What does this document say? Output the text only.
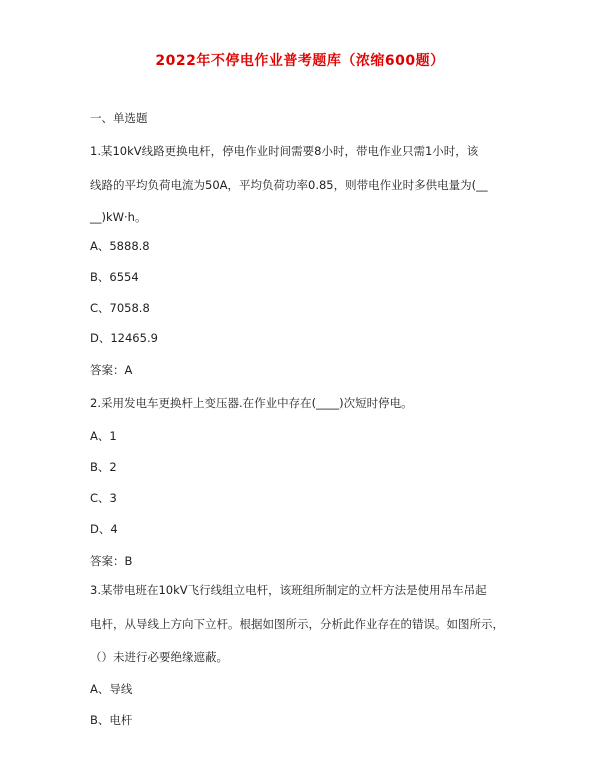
2022年不停电作业普考题库（浓缩600题）
一、单选题
1.某10kV线路更换电杆，停电作业时间需要8小时，带电作业只需1小时，该
线路的平均负荷电流为50A，平均负荷功率0.85，则带电作业时多供电量为(__
__)kW·h。
A、5888.8
B、6554
C、7058.8
D、12465.9
答案：A
2.采用发电车更换杆上变压器.在作业中存在(____)次短时停电。
A、1
B、2
C、3
D、4
答案：B
3.某带电班在10kV飞行线组立电杆，该班组所制定的立杆方法是使用吊车吊起
电杆，从导线上方向下立杆。根据如图所示，分析此作业存在的错误。如图所示，
（）未进行必要绝缘遮蔽。
A、导线
B、电杆
